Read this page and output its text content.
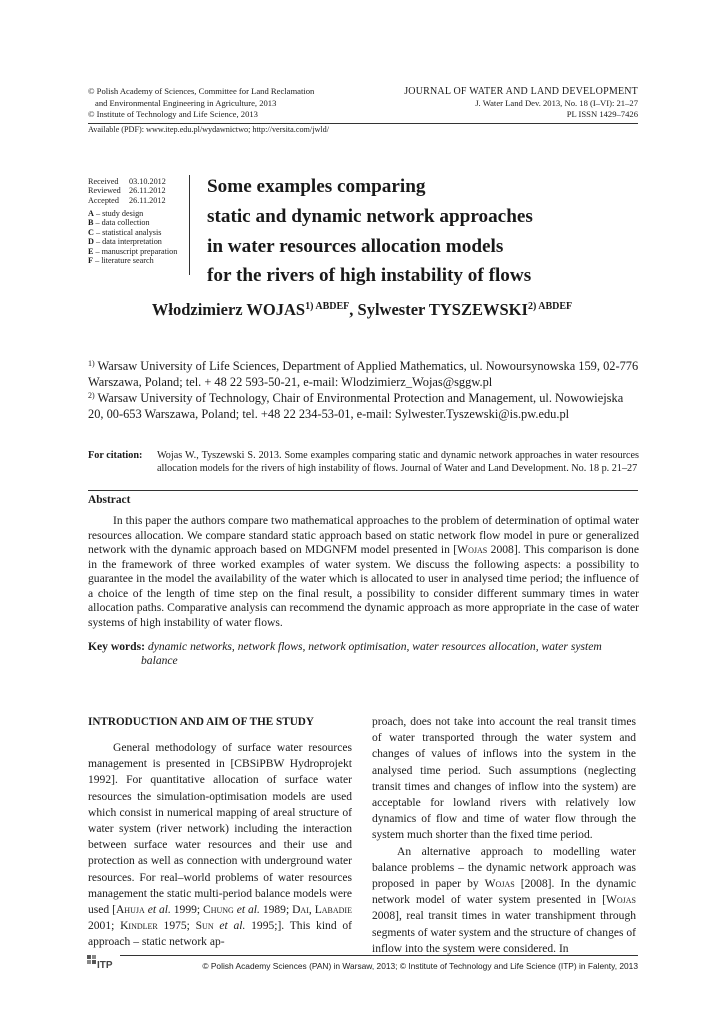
© Polish Academy of Sciences, Committee for Land Reclamation
and Environmental Engineering in Agriculture, 2013
© Institute of Technology and Life Science, 2013
JOURNAL OF WATER AND LAND DEVELOPMENT
J. Water Land Dev. 2013, No. 18 (I–VI): 21–27
PL ISSN 1429–7426
Available (PDF): www.itep.edu.pl/wydawnictwo; http://versita.com/jwld/
Received 03.10.2012
Reviewed 26.11.2012
Accepted 26.11.2012
A – study design
B – data collection
C – statistical analysis
D – data interpretation
E – manuscript preparation
F – literature search
Some examples comparing
static and dynamic network approaches
in water resources allocation models
for the rivers of high instability of flows
Włodzimierz $WOJAS^{1) ABDEF}$, Sylwester $TYSZEWSKI^{2) ABDEF}$
$^{1)}$ Warsaw University of Life Sciences, Department of Applied Mathematics, ul. Nowoursynowska 159, 02-776 Warszawa, Poland; tel. + 48 22 593-50-21, e-mail: Wlodzimierz_Wojas@sggw.pl
$^{2)}$ Warsaw University of Technology, Chair of Environmental Protection and Management, ul. Nowowiejska 20, 00-653 Warszawa, Poland; tel. +48 22 234-53-01, e-mail: Sylwester.Tyszewski@is.pw.edu.pl
For citation: Wojas W., Tyszewski S. 2013. Some examples comparing static and dynamic network approaches in water resources allocation models for the rivers of high instability of flows. Journal of Water and Land Development. No. 18 p. 21–27
Abstract
In this paper the authors compare two mathematical approaches to the problem of determination of optimal water resources allocation. We compare standard static approach based on static network flow model in pure or generalized network with the dynamic approach based on MDGNFM model presented in [Wojas 2008]. This comparison is done in the framework of three worked examples of water system. We discuss the following aspects: a possibility to guarantee in the model the availability of the water which is allocated to user in analysed time period; the influence of a choice of the length of time step on the final result, a possibility to consider different summary times in water allocation paths. Comparative analysis can recommend the dynamic approach as more appropriate in the case of water systems of high instability of water flows.
Key words: dynamic networks, network flows, network optimisation, water resources allocation, water system
balance
INTRODUCTION AND AIM OF THE STUDY

General methodology of surface water resources management is presented in [CBSiPBW Hydroprojekt 1992]. For quantitative allocation of surface water resources the simulation-optimisation models are used which consist in numerical mapping of areal structure of water system (river network) including the interaction between surface water resources and their use and protection as well as connection with underground water resources. For real–world problems of water resources management the static multi-period balance models were used [Ahuja et al. 1999; Chung et al. 1989; Dai, Labadie 2001; Kindler 1975; Sun et al. 1995;]. This kind of approach – static network ap-

proach, does not take into account the real transit times of water transported through the water system and changes of values of inflows into the system in the analysed time period. Such assumptions (neglecting transit times and changes of inflow into the system) are acceptable for lowland rivers with relatively low dynamics of flow and time of water flow through the system much shorter than the fixed time period.

An alternative approach to modelling water balance problems – the dynamic network approach was proposed in paper by Wojas [2008]. In the dynamic network model of water system presented in [Wojas 2008], real transit times in water transhipment through segments of water system and the structure of changes of inflow into the system were considered. In

ITP	© Polish Academy Sciences (PAN) in Warsaw, 2013; © Institute of Technology and Life Science (ITP) in Falenty, 2013
